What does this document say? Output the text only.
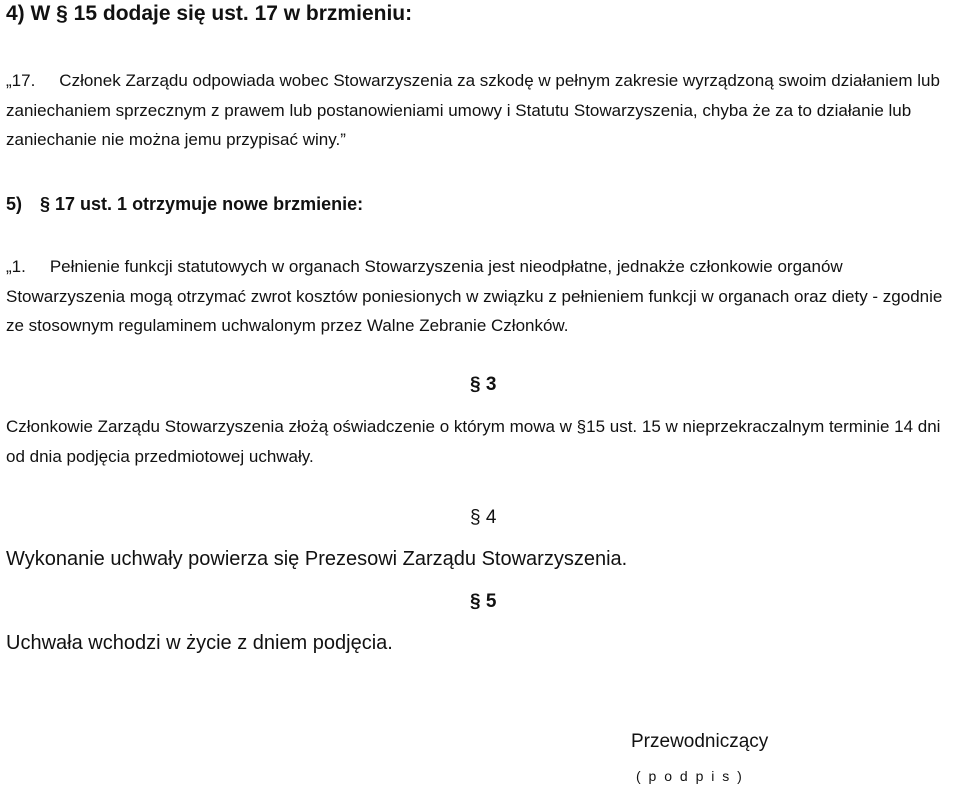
4) W § 15 dodaje się ust. 17 w brzmieniu:

„17. Członek Zarządu odpowiada wobec Stowarzyszenia za szkodę w pełnym zakresie wyrządzoną swoim działaniem lub zaniechaniem sprzecznym z prawem lub postanowieniami umowy i Statutu Stowarzyszenia, chyba że za to działanie lub zaniechanie nie można jemu przypisać winy.”

5) § 17 ust. 1 otrzymuje nowe brzmienie:

„1. Pełnienie funkcji statutowych w organach Stowarzyszenia jest nieodpłatne, jednakże członkowie organów Stowarzyszenia mogą otrzymać zwrot kosztów poniesionych w związku z pełnieniem funkcji w organach oraz diety - zgodnie ze stosownym regulaminem uchwalonym przez Walne Zebranie Członków.

§ 3

Członkowie Zarządu Stowarzyszenia złożą oświadczenie o którym mowa w §15 ust. 15 w nieprzekraczalnym terminie 14 dni od dnia podjęcia przedmiotowej uchwały.

§ 4

Wykonanie uchwały powierza się Prezesowi Zarządu Stowarzyszenia.

§ 5

Uchwała wchodzi w życie z dniem podjęcia.

Przewodniczący
( p o d p i s )
